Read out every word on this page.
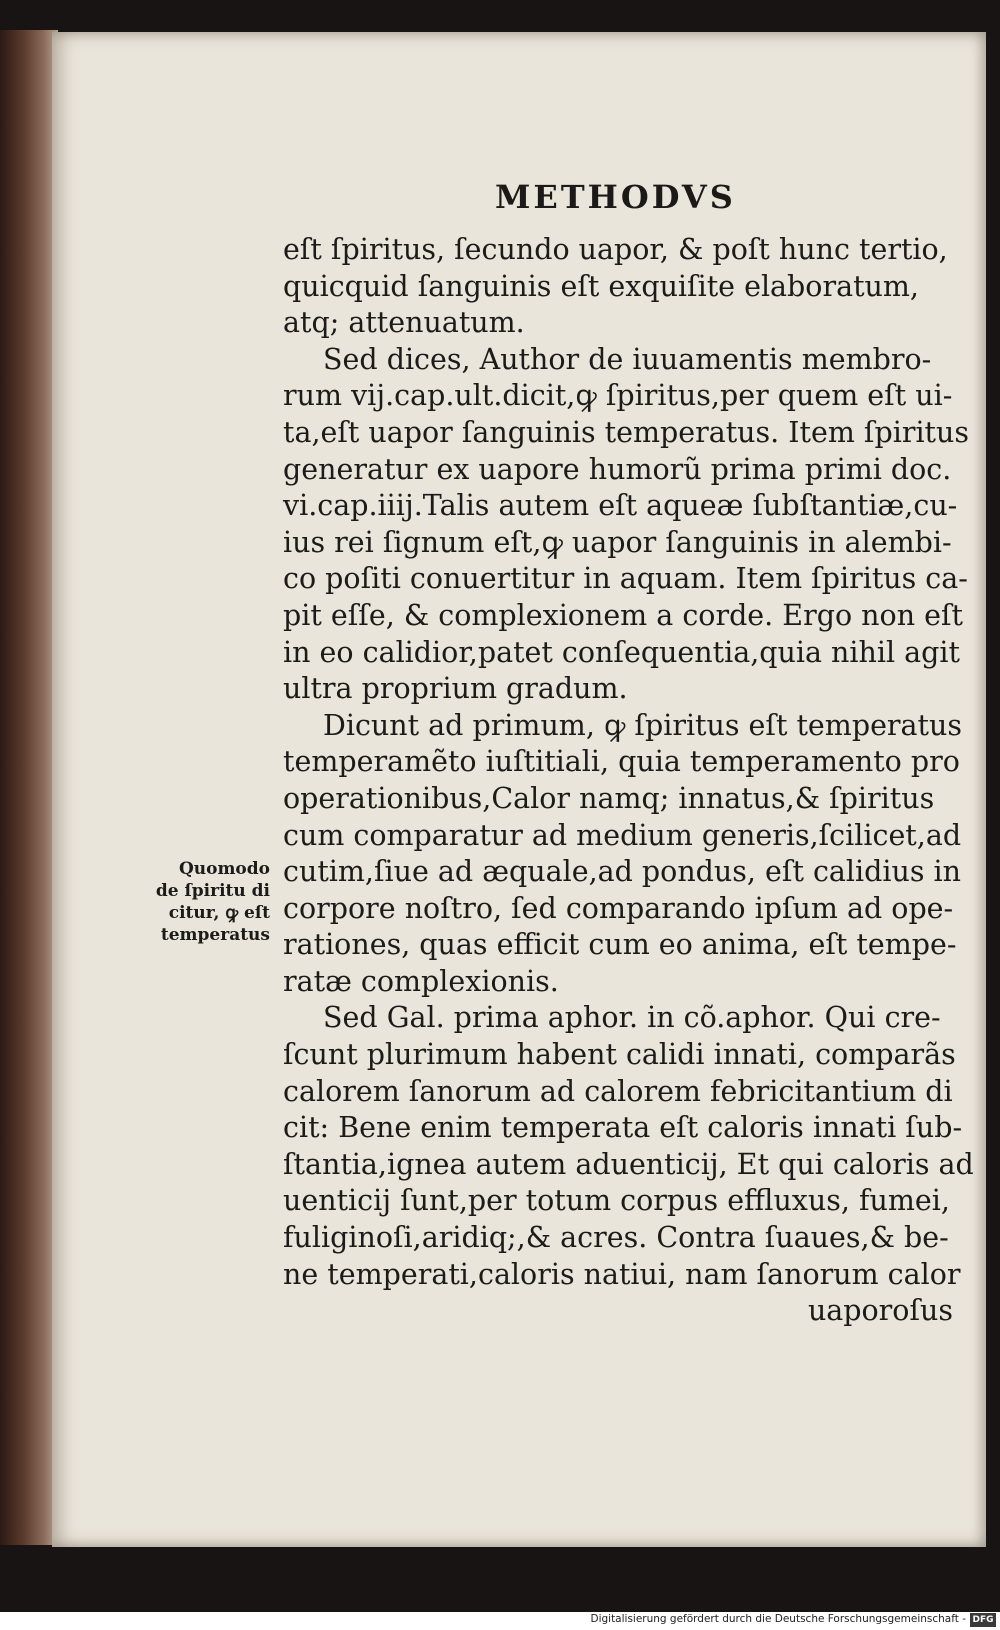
METHODVS
eſt ſpiritus, ſecundo uapor, & poſt hunc tertio,
quicquid ſanguinis eſt exquiſite elaboratum,
atq; attenuatum.
Sed dices, Author de iuuamentis membro-
rum vij.cap.ult.dicit,ꝙ ſpiritus,per quem eſt ui-
ta,eſt uapor ſanguinis temperatus. Item ſpiritus
generatur ex uapore humorũ prima primi doc.
vi.cap.iiij.Talis autem eſt aqueæ ſubſtantiæ,cu-
ius rei ſignum eſt,ꝙ uapor ſanguinis in alembi-
co poſiti conuertitur in aquam. Item ſpiritus ca-
pit eſſe, & complexionem a corde. Ergo non eſt
in eo calidior,patet conſequentia,quia nihil agit
ultra proprium gradum.
Dicunt ad primum, ꝙ ſpiritus eſt temperatus
temperamẽto iuſtitiali, quia temperamento pro
operationibus,Calor namq; innatus,& ſpiritus
cum comparatur ad medium generis,ſcilicet,ad
cutim,ſiue ad æquale,ad pondus, eſt calidius in
corpore noſtro, ſed comparando ipſum ad ope-
rationes, quas efficit cum eo anima, eſt tempe-
ratæ complexionis.
Sed Gal. prima aphor. in cõ.aphor. Qui cre-
ſcunt plurimum habent calidi innati, comparãs
calorem ſanorum ad calorem febricitantium di
cit: Bene enim temperata eſt caloris innati ſub-
ſtantia,ignea autem aduenticij, Et qui caloris ad
uenticij ſunt,per totum corpus effluxus, fumei,
fuliginoſi,aridiq;,& acres. Contra ſuaues,& be-
ne temperati,caloris natiui, nam ſanorum calor
uaporoſus
Quomodo
de ſpiritu di
citur, ꝙ eſt
temperatus
Digitalisierung gefördert durch die Deutsche Forschungsgemeinschaft - DFG
